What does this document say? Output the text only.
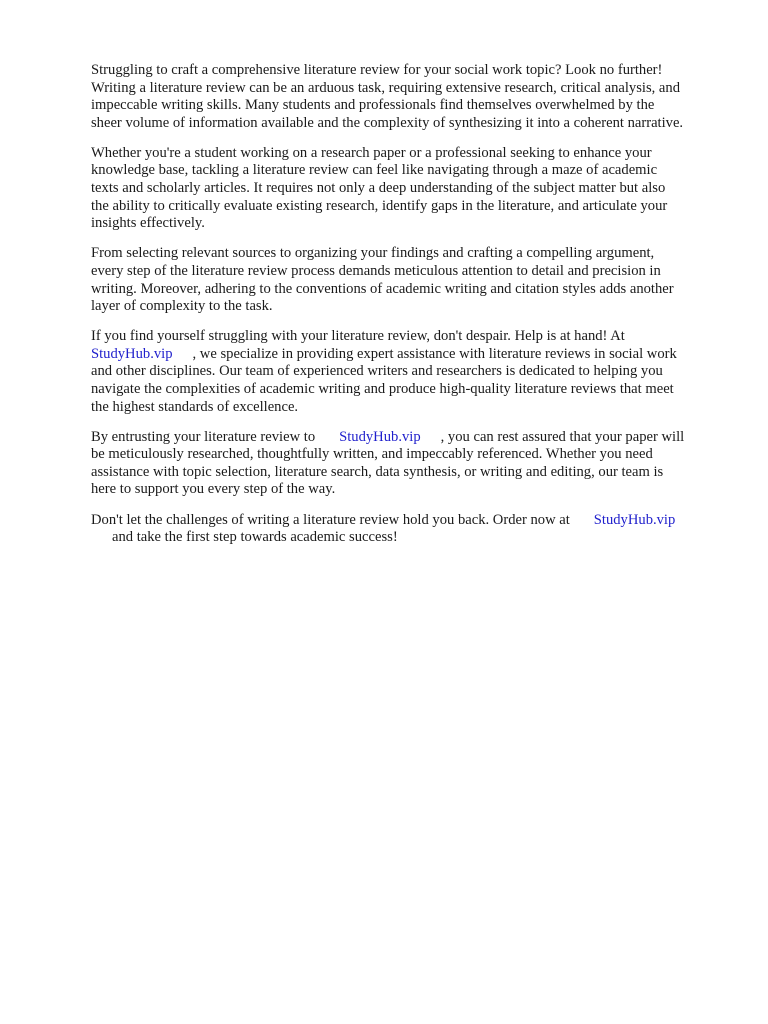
Struggling to craft a comprehensive literature review for your social work topic? Look no further!
Writing a literature review can be an arduous task, requiring extensive research, critical analysis, and
impeccable writing skills. Many students and professionals find themselves overwhelmed by the
sheer volume of information available and the complexity of synthesizing it into a coherent narrative.

Whether you're a student working on a research paper or a professional seeking to enhance your
knowledge base, tackling a literature review can feel like navigating through a maze of academic
texts and scholarly articles. It requires not only a deep understanding of the subject matter but also
the ability to critically evaluate existing research, identify gaps in the literature, and articulate your
insights effectively.

From selecting relevant sources to organizing your findings and crafting a compelling argument,
every step of the literature review process demands meticulous attention to detail and precision in
writing. Moreover, adhering to the conventions of academic writing and citation styles adds another
layer of complexity to the task.

If you find yourself struggling with your literature review, don't despair. Help is at hand! At
StudyHub.vip , we specialize in providing expert assistance with literature reviews in social work
and other disciplines. Our team of experienced writers and researchers is dedicated to helping you
navigate the complexities of academic writing and produce high-quality literature reviews that meet
the highest standards of excellence.

By entrusting your literature review to StudyHub.vip , you can rest assured that your paper will
be meticulously researched, thoughtfully written, and impeccably referenced. Whether you need
assistance with topic selection, literature search, data synthesis, or writing and editing, our team is
here to support you every step of the way.

Don't let the challenges of writing a literature review hold you back. Order now at StudyHub.vip
and take the first step towards academic success!
